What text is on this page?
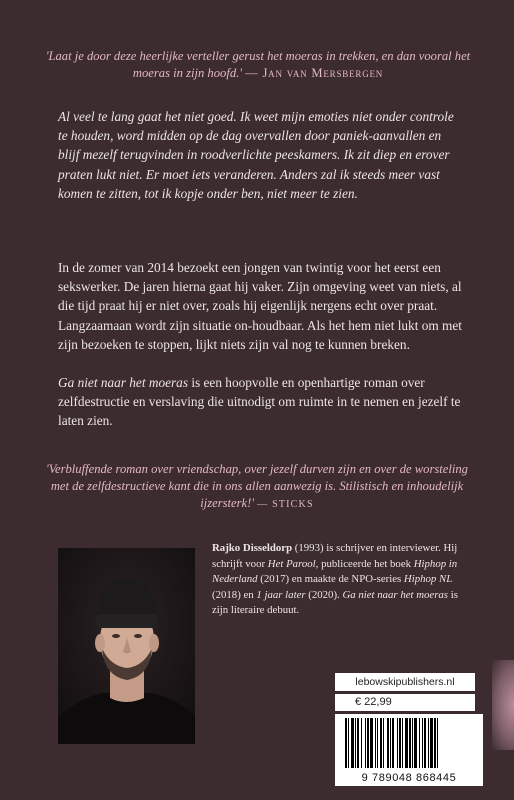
'Laat je door deze heerlijke verteller gerust het moeras in trekken, en dan vooral het moeras in zijn hoofd.' — Jan van Mersbergen
Al veel te lang gaat het niet goed. Ik weet mijn emoties niet onder controle te houden, word midden op de dag overvallen door paniek-aanvallen en blijf mezelf terugvinden in roodverlichte peeskamers. Ik zit diep en erover praten lukt niet. Er moet iets veranderen. Anders zal ik steeds meer vast komen te zitten, tot ik kopje onder ben, niet meer te zien.
In de zomer van 2014 bezoekt een jongen van twintig voor het eerst een sekswerker. De jaren hierna gaat hij vaker. Zijn omgeving weet van niets, al die tijd praat hij er niet over, zoals hij eigenlijk nergens echt over praat. Langzaamaan wordt zijn situatie on-houdbaar. Als het hem niet lukt om met zijn bezoeken te stoppen, lijkt niets zijn val nog te kunnen breken.
Ga niet naar het moeras is een hoopvolle en openhartige roman over zelfdestructie en verslaving die uitnodigt om ruimte in te nemen en jezelf te laten zien.
'Verbluffende roman over vriendschap, over jezelf durven zijn en over de worsteling met de zelfdestructieve kant die in ons allen aanwezig is. Stilistisch en inhoudelijk ijzersterk!' — STICKS
Rajko Disseldorp (1993) is schrijver en interviewer. Hij schrijft voor Het Parool, publiceerde het boek Hiphop in Nederland (2017) en maakte de NPO-series Hiphop NL (2018) en 1 jaar later (2020). Ga niet naar het moeras is zijn literaire debuut.
lebowskipublishers.nl
€ 22,99
9 789048 868445
